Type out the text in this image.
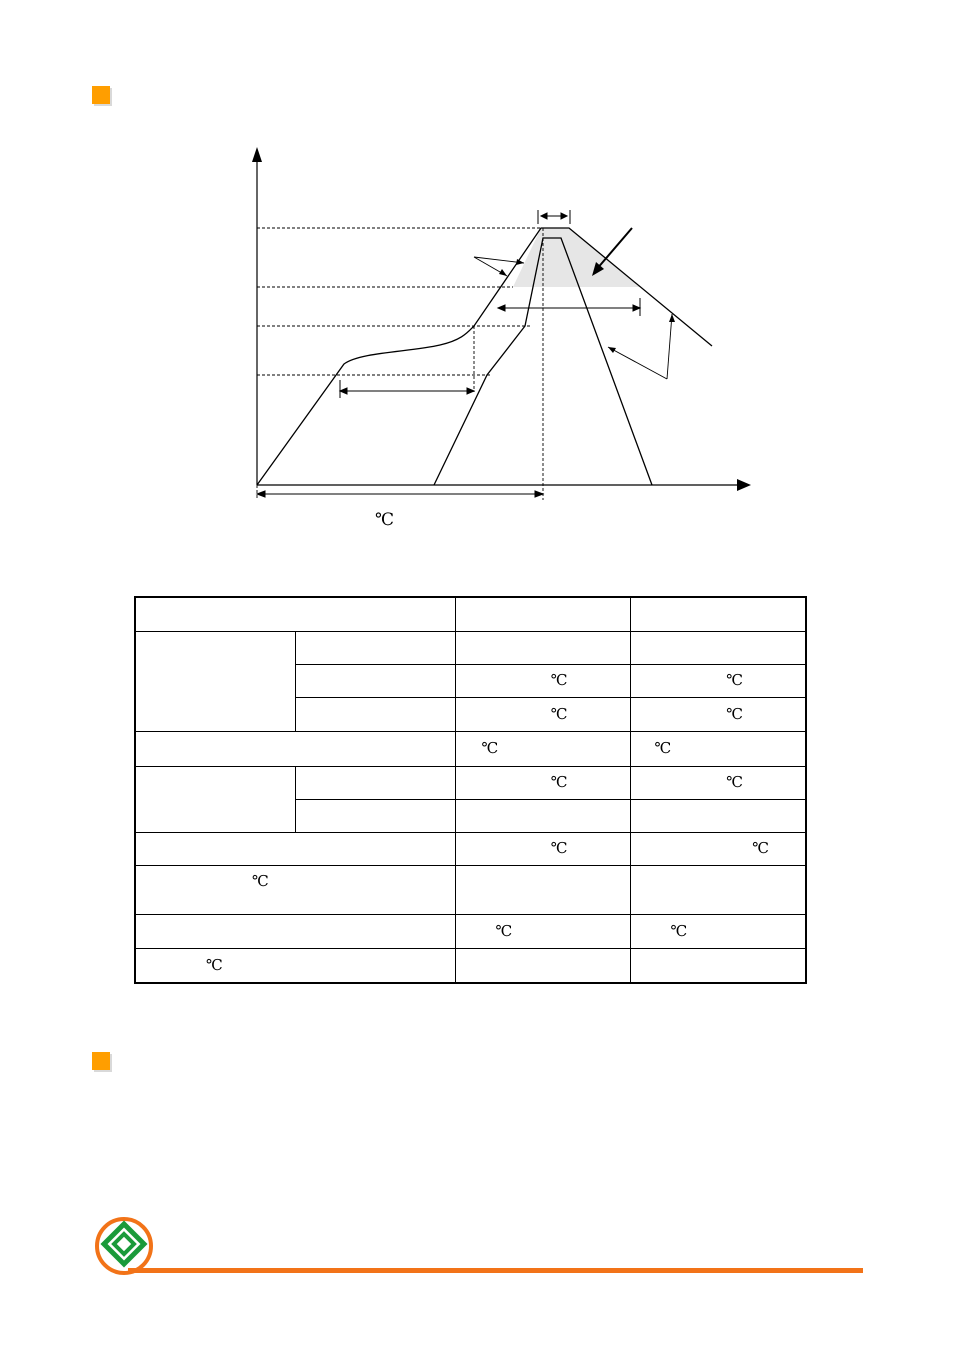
℃

		℃	℃
		℃	℃
		℃	℃
		℃	℃

		℃	℃
℃			
		℃	℃
℃			
